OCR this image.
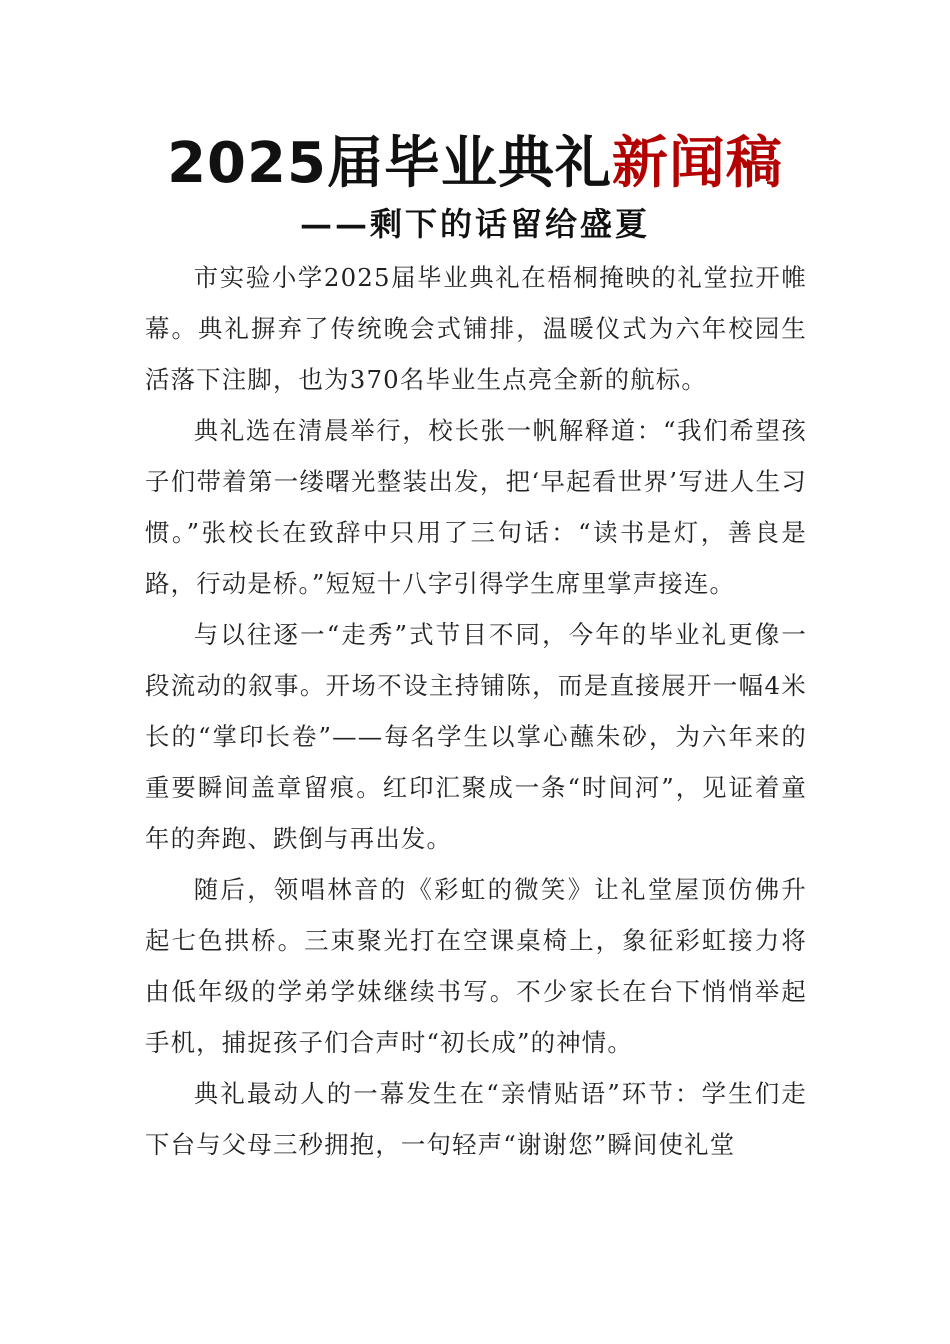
2025届毕业典礼新闻稿
——剩下的话留给盛夏

市实验小学2025届毕业典礼在梧桐掩映的礼堂拉开帷幕。典礼摒弃了传统晚会式铺排，温暖仪式为六年校园生活落下注脚，也为370名毕业生点亮全新的航标。

典礼选在清晨举行，校长张一帆解释道：“我们希望孩子们带着第一缕曙光整装出发，把‘早起看世界’写进人生习惯。”张校长在致辞中只用了三句话：“读书是灯，善良是路，行动是桥。”短短十八字引得学生席里掌声接连。

与以往逐一“走秀”式节目不同，今年的毕业礼更像一段流动的叙事。开场不设主持铺陈，而是直接展开一幅4米长的“掌印长卷”——每名学生以掌心蘸朱砂，为六年来的重要瞬间盖章留痕。红印汇聚成一条“时间河”，见证着童年的奔跑、跌倒与再出发。

随后，领唱林音的《彩虹的微笑》让礼堂屋顶仿佛升起七色拱桥。三束聚光打在空课桌椅上，象征彩虹接力将由低年级的学弟学妹继续书写。不少家长在台下悄悄举起手机，捕捉孩子们合声时“初长成”的神情。

典礼最动人的一幕发生在“亲情贴语”环节：学生们走下台与父母三秒拥抱，一句轻声“谢谢您”瞬间使礼堂
